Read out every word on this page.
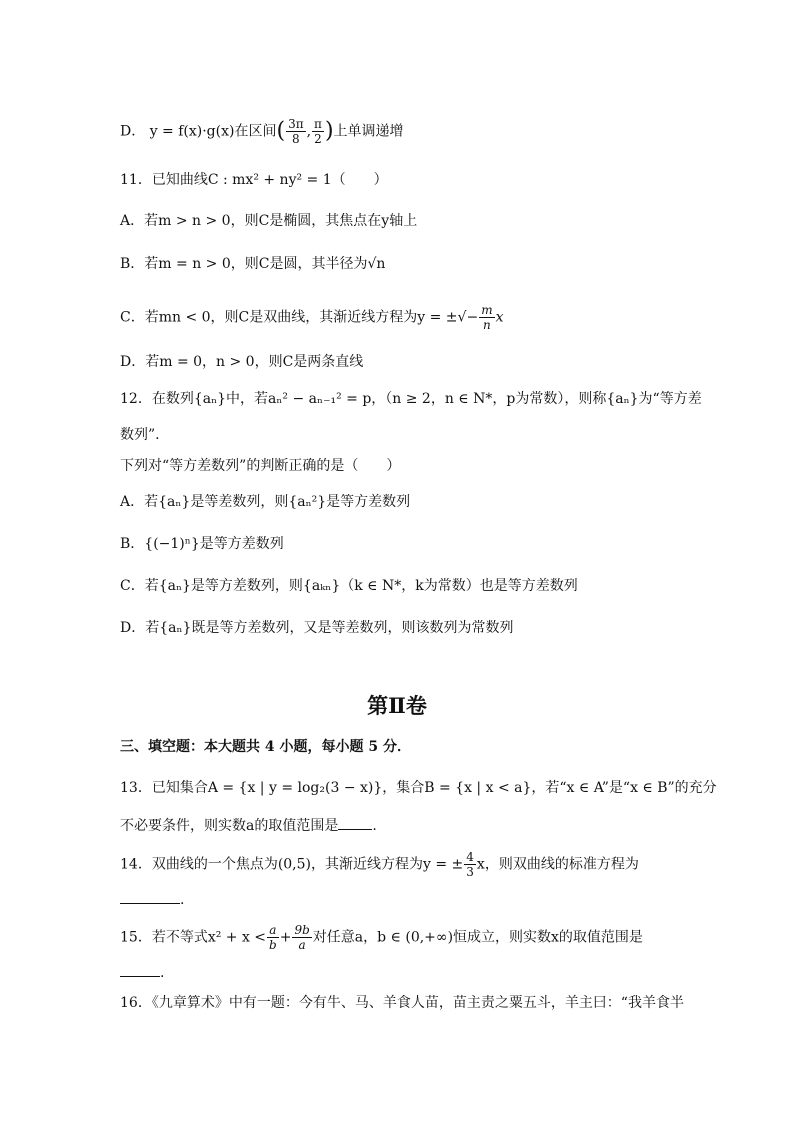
D． y = f(x)·g(x)在区间( $\frac{3\pi}{8}$ , $\frac{\pi}{2}$ )上单调递增
11．已知曲线C : mx² + ny² = 1（　　）
A．若m > n > 0，则C是椭圆，其焦点在y轴上
B．若m = n > 0，则C是圆，其半径为√n
C．若mn < 0，则C是双曲线，其渐近线方程为y = ±√− $\frac{m}{n}$ x
D．若m = 0，n > 0，则C是两条直线
12．在数列{aₙ}中，若aₙ² − aₙ₋₁² = p，（n ≥ 2，n ∈ N*，p为常数），则称{aₙ}为“等方差
数列”.
下列对“等方差数列”的判断正确的是（　　）
A．若{aₙ}是等差数列，则{aₙ²}是等方差数列
B．{(−1)ⁿ}是等方差数列
C．若{aₙ}是等方差数列，则{aₖₙ}（k ∈ N*，k为常数）也是等方差数列
D．若{aₙ}既是等方差数列，又是等差数列，则该数列为常数列
第Ⅱ卷
三、填空题：本大题共 4 小题，每小题 5 分．
13．已知集合A = {x | y = log₂(3 − x)}，集合B = {x | x < a}，若“x ∈ A”是“x ∈ B”的充分
不必要条件，则实数a的取值范围是 .
14．双曲线的一个焦点为(0,5)，其渐近线方程为y = ± $\frac{4}{3}$ x，则双曲线的标准方程为
.
15．若不等式$x^2 + x < \frac{a}{b} + \frac{9b}{a}$ 对任意a，b ∈ (0,+∞)恒成立，则实数x的取值范围是
.
16．《九章算术》中有一题：今有牛、马、羊食人苗，苗主责之粟五斗，羊主曰：“我羊食半
